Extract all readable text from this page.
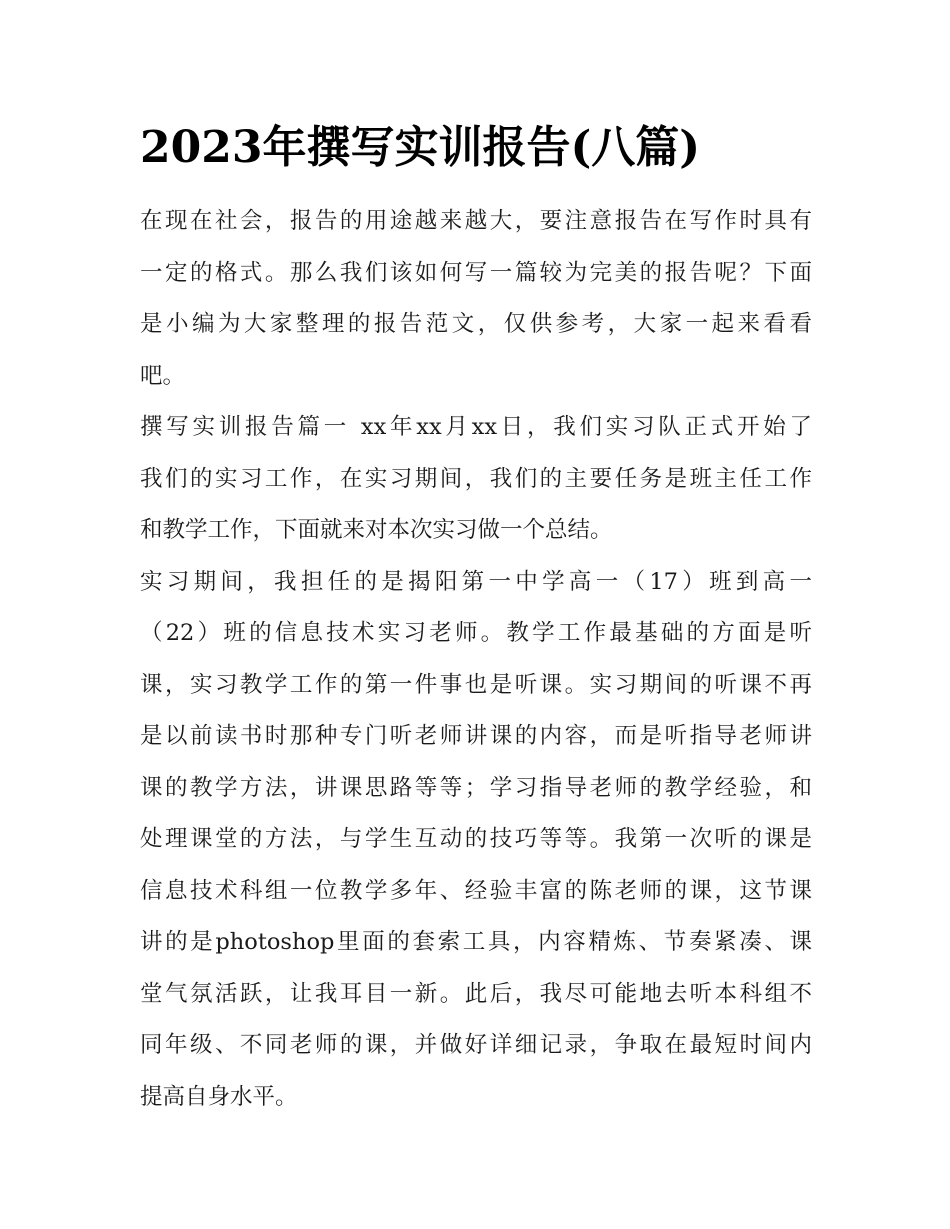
2023年撰写实训报告(八篇)
在现在社会，报告的用途越来越大，要注意报告在写作时具有
一定的格式。那么我们该如何写一篇较为完美的报告呢？下面
是小编为大家整理的报告范文，仅供参考，大家一起来看看
吧。
撰写实训报告篇一 xx年xx月xx日，我们实习队正式开始了
我们的实习工作，在实习期间，我们的主要任务是班主任工作
和教学工作，下面就来对本次实习做一个总结。
实习期间，我担任的是揭阳第一中学高一（17）班到高一
（22）班的信息技术实习老师。教学工作最基础的方面是听
课，实习教学工作的第一件事也是听课。实习期间的听课不再
是以前读书时那种专门听老师讲课的内容，而是听指导老师讲
课的教学方法，讲课思路等等；学习指导老师的教学经验，和
处理课堂的方法，与学生互动的技巧等等。我第一次听的课是
信息技术科组一位教学多年、经验丰富的陈老师的课，这节课
讲的是photoshop里面的套索工具，内容精炼、节奏紧凑、课
堂气氛活跃，让我耳目一新。此后，我尽可能地去听本科组不
同年级、不同老师的课，并做好详细记录，争取在最短时间内
提高自身水平。
